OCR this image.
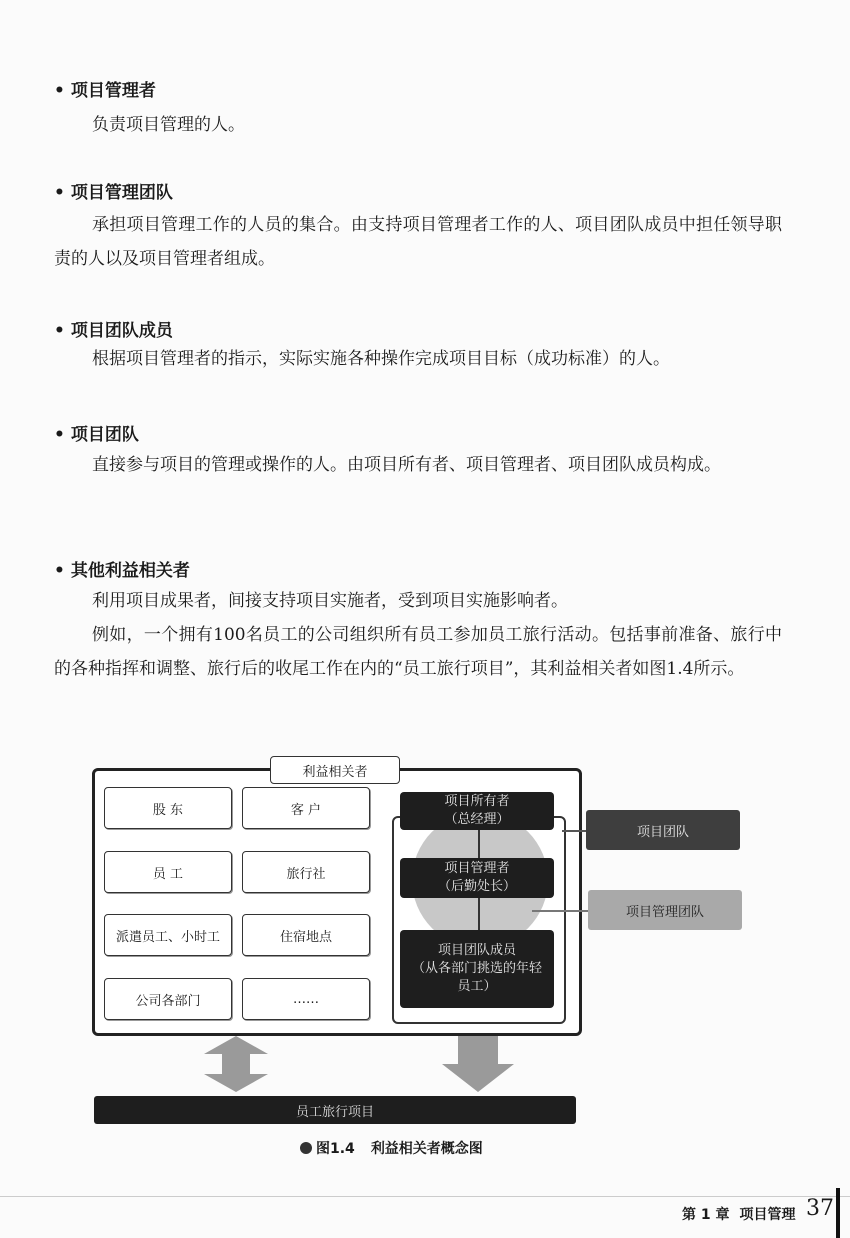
• 项目管理者
负责项目管理的人。
• 项目管理团队
承担项目管理工作的人员的集合。由支持项目管理者工作的人、项目团队成员中担任领导职责的人以及项目管理者组成。
• 项目团队成员
根据项目管理者的指示，实际实施各种操作完成项目目标（成功标准）的人。
• 项目团队
直接参与项目的管理或操作的人。由项目所有者、项目管理者、项目团队成员构成。
• 其他利益相关者
利用项目成果者，间接支持项目实施者，受到项目实施影响者。
例如，一个拥有100名员工的公司组织所有员工参加员工旅行活动。包括事前准备、旅行中的各种指挥和调整、旅行后的收尾工作在内的“员工旅行项目”，其利益相关者如图1.4所示。
利益相关者
股 东	客 户
员 工	旅行社
派遣员工、小时工	住宿地点
公司各部门	……
项目所有者
（总经理）
项目管理者
（后勤处长）
项目团队成员
（从各部门挑选的年轻
员工）
项目团队
项目管理团队
员工旅行项目
图1.4 利益相关者概念图
第 1 章 项目管理 37
